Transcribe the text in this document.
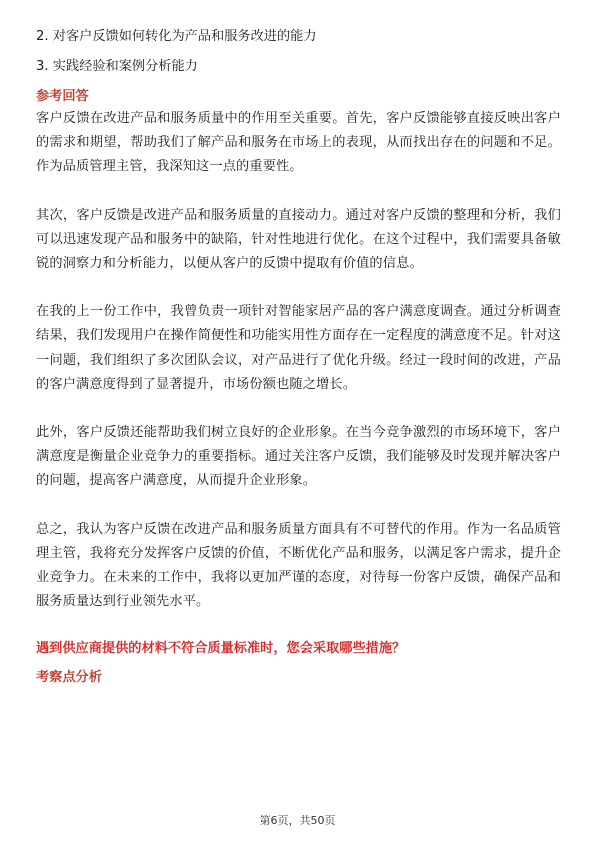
2. 对客户反馈如何转化为产品和服务改进的能力
3. 实践经验和案例分析能力
参考回答

客户反馈在改进产品和服务质量中的作用至关重要。首先，客户反馈能够直接反映出客户的需求和期望，帮助我们了解产品和服务在市场上的表现，从而找出存在的问题和不足。作为品质管理主管，我深知这一点的重要性。

其次，客户反馈是改进产品和服务质量的直接动力。通过对客户反馈的整理和分析，我们可以迅速发现产品和服务中的缺陷，针对性地进行优化。在这个过程中，我们需要具备敏锐的洞察力和分析能力，以便从客户的反馈中提取有价值的信息。

在我的上一份工作中，我曾负责一项针对智能家居产品的客户满意度调查。通过分析调查结果，我们发现用户在操作简便性和功能实用性方面存在一定程度的满意度不足。针对这一问题，我们组织了多次团队会议，对产品进行了优化升级。经过一段时间的改进，产品的客户满意度得到了显著提升，市场份额也随之增长。

此外，客户反馈还能帮助我们树立良好的企业形象。在当今竞争激烈的市场环境下，客户满意度是衡量企业竞争力的重要指标。通过关注客户反馈，我们能够及时发现并解决客户的问题，提高客户满意度，从而提升企业形象。

总之，我认为客户反馈在改进产品和服务质量方面具有不可替代的作用。作为一名品质管理主管，我将充分发挥客户反馈的价值，不断优化产品和服务，以满足客户需求，提升企业竞争力。在未来的工作中，我将以更加严谨的态度，对待每一份客户反馈，确保产品和服务质量达到行业领先水平。

遇到供应商提供的材料不符合质量标准时，您会采取哪些措施？
考察点分析
第6页，共50页
